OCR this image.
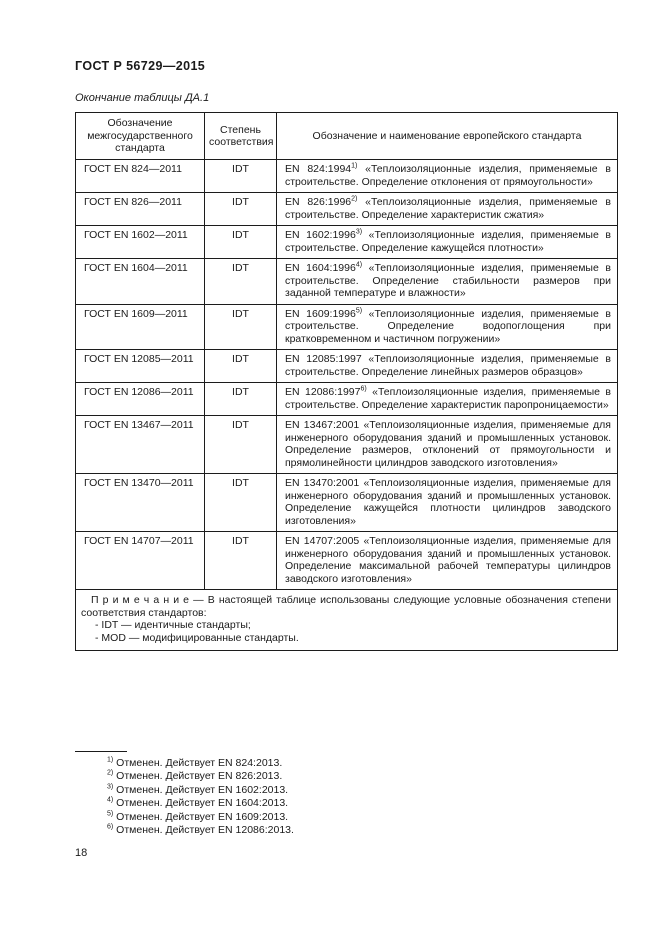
ГОСТ Р 56729—2015
Окончание таблицы ДА.1
Обозначение межгосударственного стандарта	Степень соответствия	Обозначение и наименование европейского стандарта
ГОСТ EN 824—2011	IDT	EN 824:1994$^{1)}$ «Теплоизоляционные изделия, применяемые в строительстве. Определение отклонения от прямоугольности»
ГОСТ EN 826—2011	IDT	EN 826:1996$^{2)}$ «Теплоизоляционные изделия, применяемые в строительстве. Определение характеристик сжатия»
ГОСТ EN 1602—2011	IDT	EN 1602:1996$^{3)}$ «Теплоизоляционные изделия, применяемые в строительстве. Определение кажущейся плотности»
ГОСТ EN 1604—2011	IDT	EN 1604:1996$^{4)}$ «Теплоизоляционные изделия, применяемые в строительстве. Определение стабильности размеров при заданной температуре и влажности»
ГОСТ EN 1609—2011	IDT	EN 1609:1996$^{5)}$ «Теплоизоляционные изделия, применяемые в строительстве. Определение водопоглощения при кратковременном и частичном погружении»
ГОСТ EN 12085—2011	IDT	EN 12085:1997 «Теплоизоляционные изделия, применяемые в строительстве. Определение линейных размеров образцов»
ГОСТ EN 12086—2011	IDT	EN 12086:1997$^{6)}$ «Теплоизоляционные изделия, применяемые в строительстве. Определение характеристик паропроницаемости»
ГОСТ EN 13467—2011	IDT	EN 13467:2001 «Теплоизоляционные изделия, применяемые для инженерного оборудования зданий и промышленных установок. Определение размеров, отклонений от прямоугольности и прямолинейности цилиндров заводского изготовления»
ГОСТ EN 13470—2011	IDT	EN 13470:2001 «Теплоизоляционные изделия, применяемые для инженерного оборудования зданий и промышленных установок. Определение кажущейся плотности цилиндров заводского изготовления»
ГОСТ EN 14707—2011	IDT	EN 14707:2005 «Теплоизоляционные изделия, применяемые для инженерного оборудования зданий и промышленных установок. Определение максимальной рабочей температуры цилиндров заводского изготовления»

П р и м е ч а н и е — В настоящей таблице использованы следующие условные обозначения степени соответствия стандартов:
- IDT — идентичные стандарты;
- MOD — модифицированные стандарты.		
$^{1)}$ Отменен. Действует EN 824:2013.
$^{2)}$ Отменен. Действует EN 826:2013.
$^{3)}$ Отменен. Действует EN 1602:2013.
$^{4)}$ Отменен. Действует EN 1604:2013.
$^{5)}$ Отменен. Действует EN 1609:2013.
$^{6)}$ Отменен. Действует EN 12086:2013.
18
